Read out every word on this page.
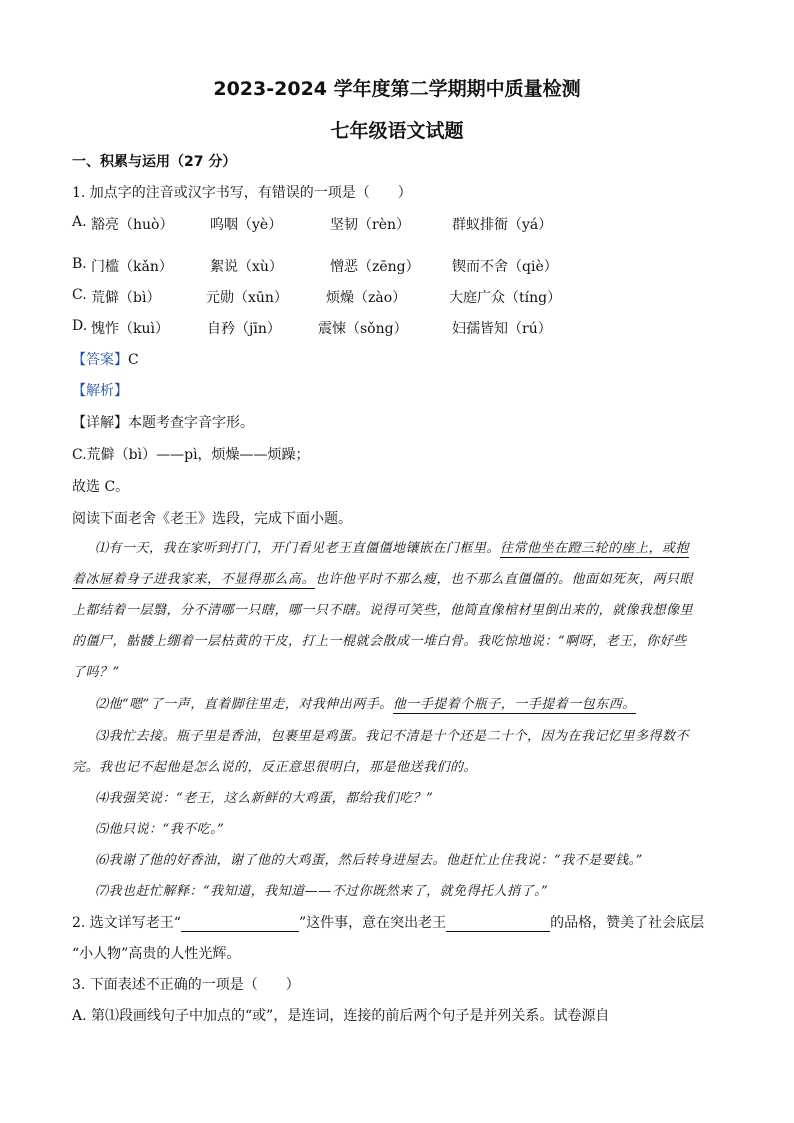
2023-2024 学年度第二学期期中质量检测
七年级语文试题
一、积累与运用（27 分）
1. 加点字的注音或汉字书写，有错误的一项是（　　）
A. 豁亮（huò）	呜咽（yè）	坚韧（rèn）	群蚁排衙（yá）
B. 门槛（kǎn）	絮说（xù）	憎恶（zēng） 锲而不舍（qiè）
C. 荒僻（bì）	元勋（xūn）	烦燥（zào）	大庭广众（tíng）
D. 愧怍（kuì）	自矜（jīn）	震悚（sǒng）	妇孺皆知（rú）
【答案】C
【解析】
【详解】本题考查字音字形。
C.荒僻（bì）——pì，烦燥——烦躁；
故选 C。
阅读下面老舍《老王》选段，完成下面小题。
⑴有一天，我在家听到打门，开门看见老王直僵僵地镶嵌在门框里。往常他坐在蹬三轮的座上，或抱
着冰屉着身子进我家来，不显得那么高。也许他平时不那么瘦，也不那么直僵僵的。他面如死灰，两只眼
上都结着一层翳，分不清哪一只瞎，哪一只不瞎。说得可笑些，他简直像棺材里倒出来的，就像我想像里
的僵尸，骷髅上绷着一层枯黄的干皮，打上一棍就会散成一堆白骨。我吃惊地说：“啊呀，老王，你好些
了吗？”
⑵他“嗯”了一声，直着脚往里走，对我伸出两手。他一手提着个瓶子，一手提着一包东西。
⑶我忙去接。瓶子里是香油，包裹里是鸡蛋。我记不清是十个还是二十个，因为在我记忆里多得数不
完。我也记不起他是怎么说的，反正意思很明白，那是他送我们的。
⑷我强笑说：“老王，这么新鲜的大鸡蛋，都给我们吃？”
⑸他只说：“我不吃。”
⑹我谢了他的好香油，谢了他的大鸡蛋，然后转身进屋去。他赶忙止住我说：“我不是要钱。”
⑺我也赶忙解释：“我知道，我知道——不过你既然来了，就免得托人捎了。”
2. 选文详写老王“	”这件事，意在突出老王	的品格，赞美了社会底层
“小人物”高贵的人性光辉。
3. 下面表述不正确的一项是（　　）
A. 第⑴段画线句子中加点的“或”，是连词，连接的前后两个句子是并列关系。试卷源自
